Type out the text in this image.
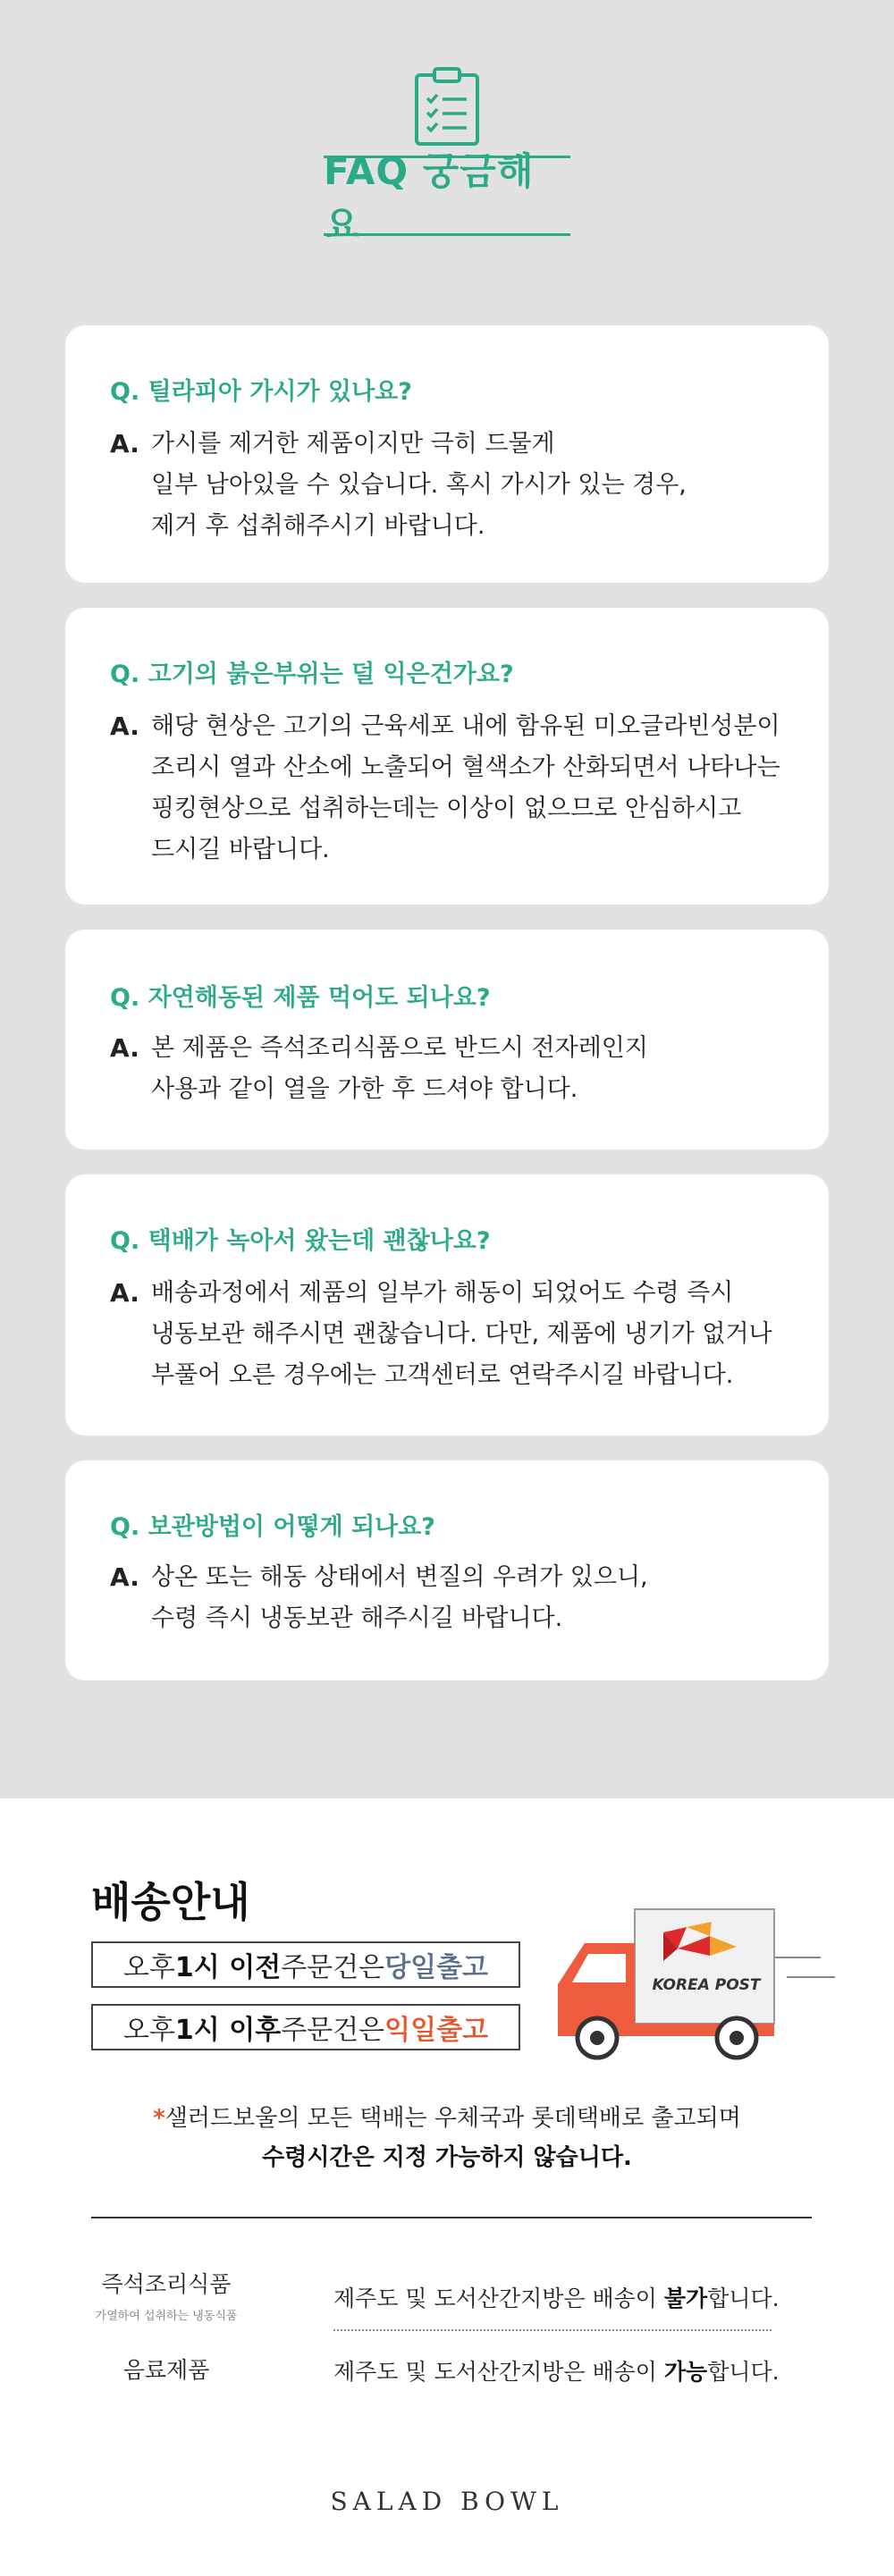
FAQ 궁금해요
Q. 틸라피아 가시가 있나요?
A. 가시를 제거한 제품이지만 극히 드물게
일부 남아있을 수 있습니다. 혹시 가시가 있는 경우,
제거 후 섭취해주시기 바랍니다.
Q. 고기의 붉은부위는 덜 익은건가요?
A. 해당 현상은 고기의 근육세포 내에 함유된 미오글라빈성분이
조리시 열과 산소에 노출되어 혈색소가 산화되면서 나타나는
핑킹현상으로 섭취하는데는 이상이 없으므로 안심하시고
드시길 바랍니다.
Q. 자연해동된 제품 먹어도 되나요?
A. 본 제품은 즉석조리식품으로 반드시 전자레인지
사용과 같이 열을 가한 후 드셔야 합니다.
Q. 택배가 녹아서 왔는데 괜찮나요?
A. 배송과정에서 제품의 일부가 해동이 되었어도 수령 즉시
냉동보관 해주시면 괜찮습니다. 다만, 제품에 냉기가 없거나
부풀어 오른 경우에는 고객센터로 연락주시길 바랍니다.
Q. 보관방법이 어떻게 되나요?
A. 상온 또는 해동 상태에서 변질의 우려가 있으니,
수령 즉시 냉동보관 해주시길 바랍니다.
배송안내
오후 1시 이전 주문건은 당일출고
오후 1시 이후 주문건은 익일출고
KOREA POST
*샐러드보울의 모든 택배는 우체국과 롯데택배로 출고되며
수령시간은 지정 가능하지 않습니다.
즉석조리식품
가열하여 섭취하는 냉동식품
제주도 및 도서산간지방은 배송이 불가합니다.
음료제품	제주도 및 도서산간지방은 배송이 가능합니다.
SALAD BOWL
